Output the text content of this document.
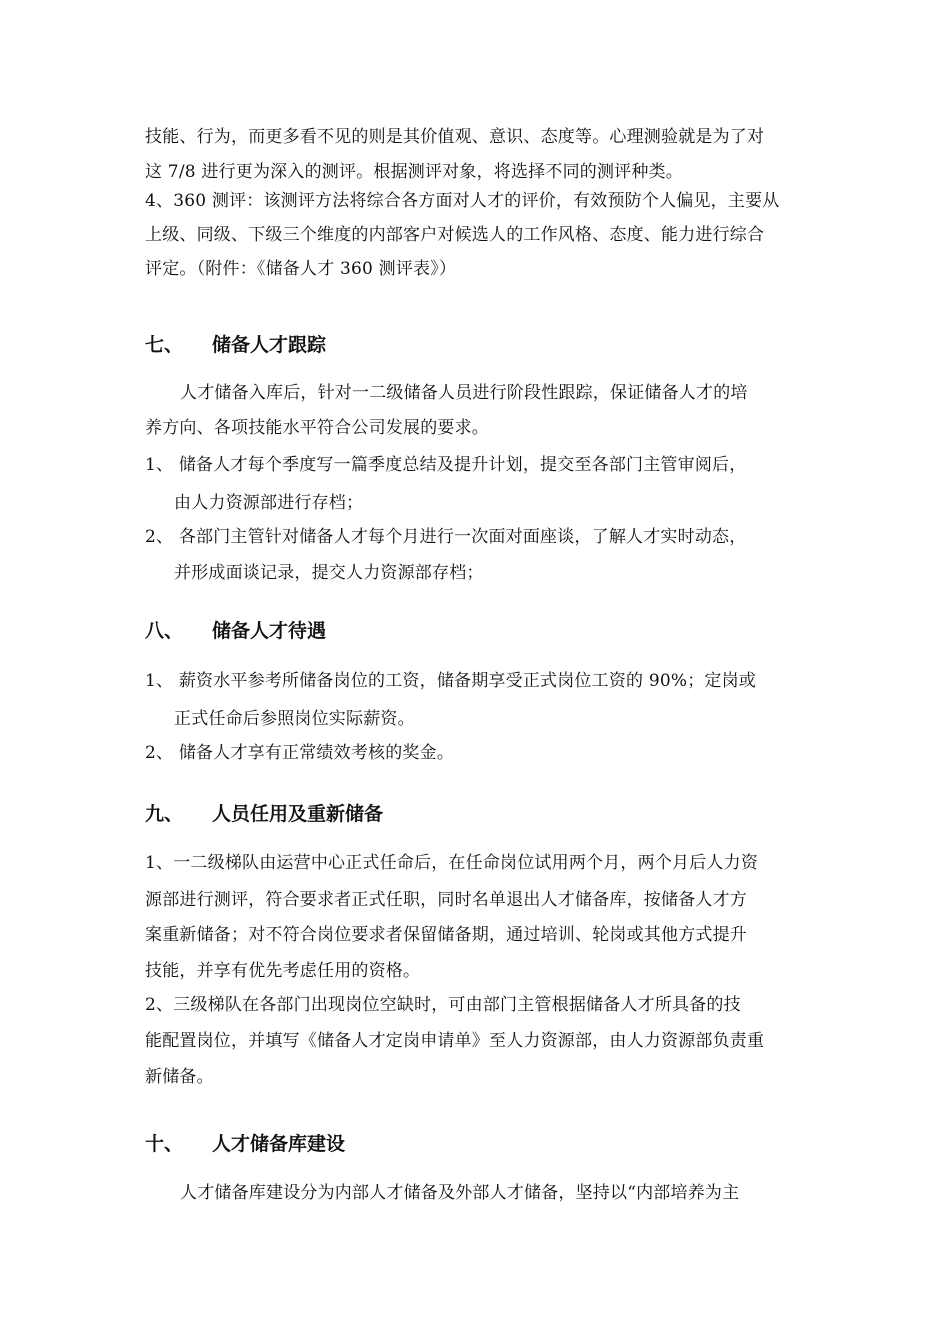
技能、行为，而更多看不见的则是其价值观、意识、态度等。心理测验就是为了对
这 7/8 进行更为深入的测评。根据测评对象，将选择不同的测评种类。
4、360 测评：该测评方法将综合各方面对人才的评价，有效预防个人偏见，主要从
上级、同级、下级三个维度的内部客户对候选人的工作风格、态度、能力进行综合
评定。（附件：《储备人才 360 测评表》）
七、 储备人才跟踪
人才储备入库后，针对一二级储备人员进行阶段性跟踪，保证储备人才的培
养方向、各项技能水平符合公司发展的要求。
1、 储备人才每个季度写一篇季度总结及提升计划，提交至各部门主管审阅后，
由人力资源部进行存档；
2、 各部门主管针对储备人才每个月进行一次面对面座谈，了解人才实时动态，
并形成面谈记录，提交人力资源部存档；
八、 储备人才待遇
1、 薪资水平参考所储备岗位的工资，储备期享受正式岗位工资的 90%；定岗或
正式任命后参照岗位实际薪资。
2、 储备人才享有正常绩效考核的奖金。
九、 人员任用及重新储备
1、一二级梯队由运营中心正式任命后，在任命岗位试用两个月，两个月后人力资
源部进行测评，符合要求者正式任职，同时名单退出人才储备库，按储备人才方
案重新储备；对不符合岗位要求者保留储备期，通过培训、轮岗或其他方式提升
技能，并享有优先考虑任用的资格。
2、三级梯队在各部门出现岗位空缺时，可由部门主管根据储备人才所具备的技
能配置岗位，并填写《储备人才定岗申请单》至人力资源部，由人力资源部负责重
新储备。
十、 人才储备库建设
人才储备库建设分为内部人才储备及外部人才储备，坚持以“内部培养为主
